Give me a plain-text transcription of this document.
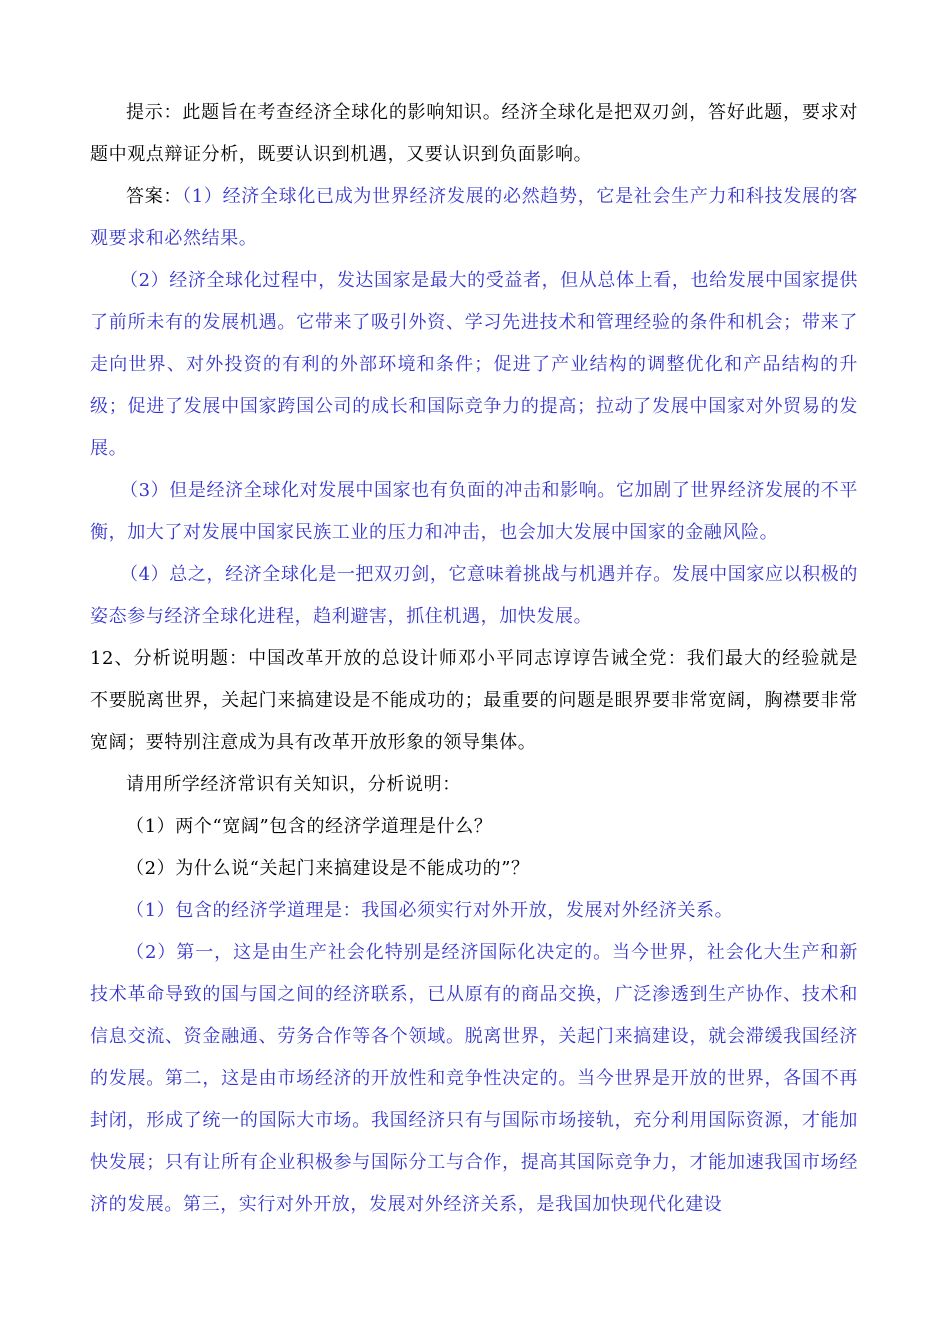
提示：此题旨在考查经济全球化的影响知识。经济全球化是把双刃剑，答好此题，要求对题中观点辩证分析，既要认识到机遇，又要认识到负面影响。

答案：（1）经济全球化已成为世界经济发展的必然趋势，它是社会生产力和科技发展的客观要求和必然结果。

（2）经济全球化过程中，发达国家是最大的受益者，但从总体上看，也给发展中国家提供了前所未有的发展机遇。它带来了吸引外资、学习先进技术和管理经验的条件和机会；带来了走向世界、对外投资的有利的外部环境和条件；促进了产业结构的调整优化和产品结构的升级；促进了发展中国家跨国公司的成长和国际竞争力的提高；拉动了发展中国家对外贸易的发展。

（3）但是经济全球化对发展中国家也有负面的冲击和影响。它加剧了世界经济发展的不平衡，加大了对发展中国家民族工业的压力和冲击，也会加大发展中国家的金融风险。

（4）总之，经济全球化是一把双刃剑，它意味着挑战与机遇并存。发展中国家应以积极的姿态参与经济全球化进程，趋利避害，抓住机遇，加快发展。

12、分析说明题：中国改革开放的总设计师邓小平同志谆谆告诫全党：我们最大的经验就是不要脱离世界，关起门来搞建设是不能成功的；最重要的问题是眼界要非常宽阔，胸襟要非常宽阔；要特别注意成为具有改革开放形象的领导集体。

请用所学经济常识有关知识，分析说明：

（1）两个“宽阔”包含的经济学道理是什么？

（2）为什么说“关起门来搞建设是不能成功的”？

（1）包含的经济学道理是：我国必须实行对外开放，发展对外经济关系。

（2）第一，这是由生产社会化特别是经济国际化决定的。当今世界，社会化大生产和新技术革命导致的国与国之间的经济联系，已从原有的商品交换，广泛渗透到生产协作、技术和信息交流、资金融通、劳务合作等各个领域。脱离世界，关起门来搞建设，就会滞缓我国经济的发展。第二，这是由市场经济的开放性和竞争性决定的。当今世界是开放的世界，各国不再封闭，形成了统一的国际大市场。我国经济只有与国际市场接轨，充分利用国际资源，才能加快发展；只有让所有企业积极参与国际分工与合作，提高其国际竞争力，才能加速我国市场经济的发展。第三，实行对外开放，发展对外经济关系，是我国加快现代化建设
